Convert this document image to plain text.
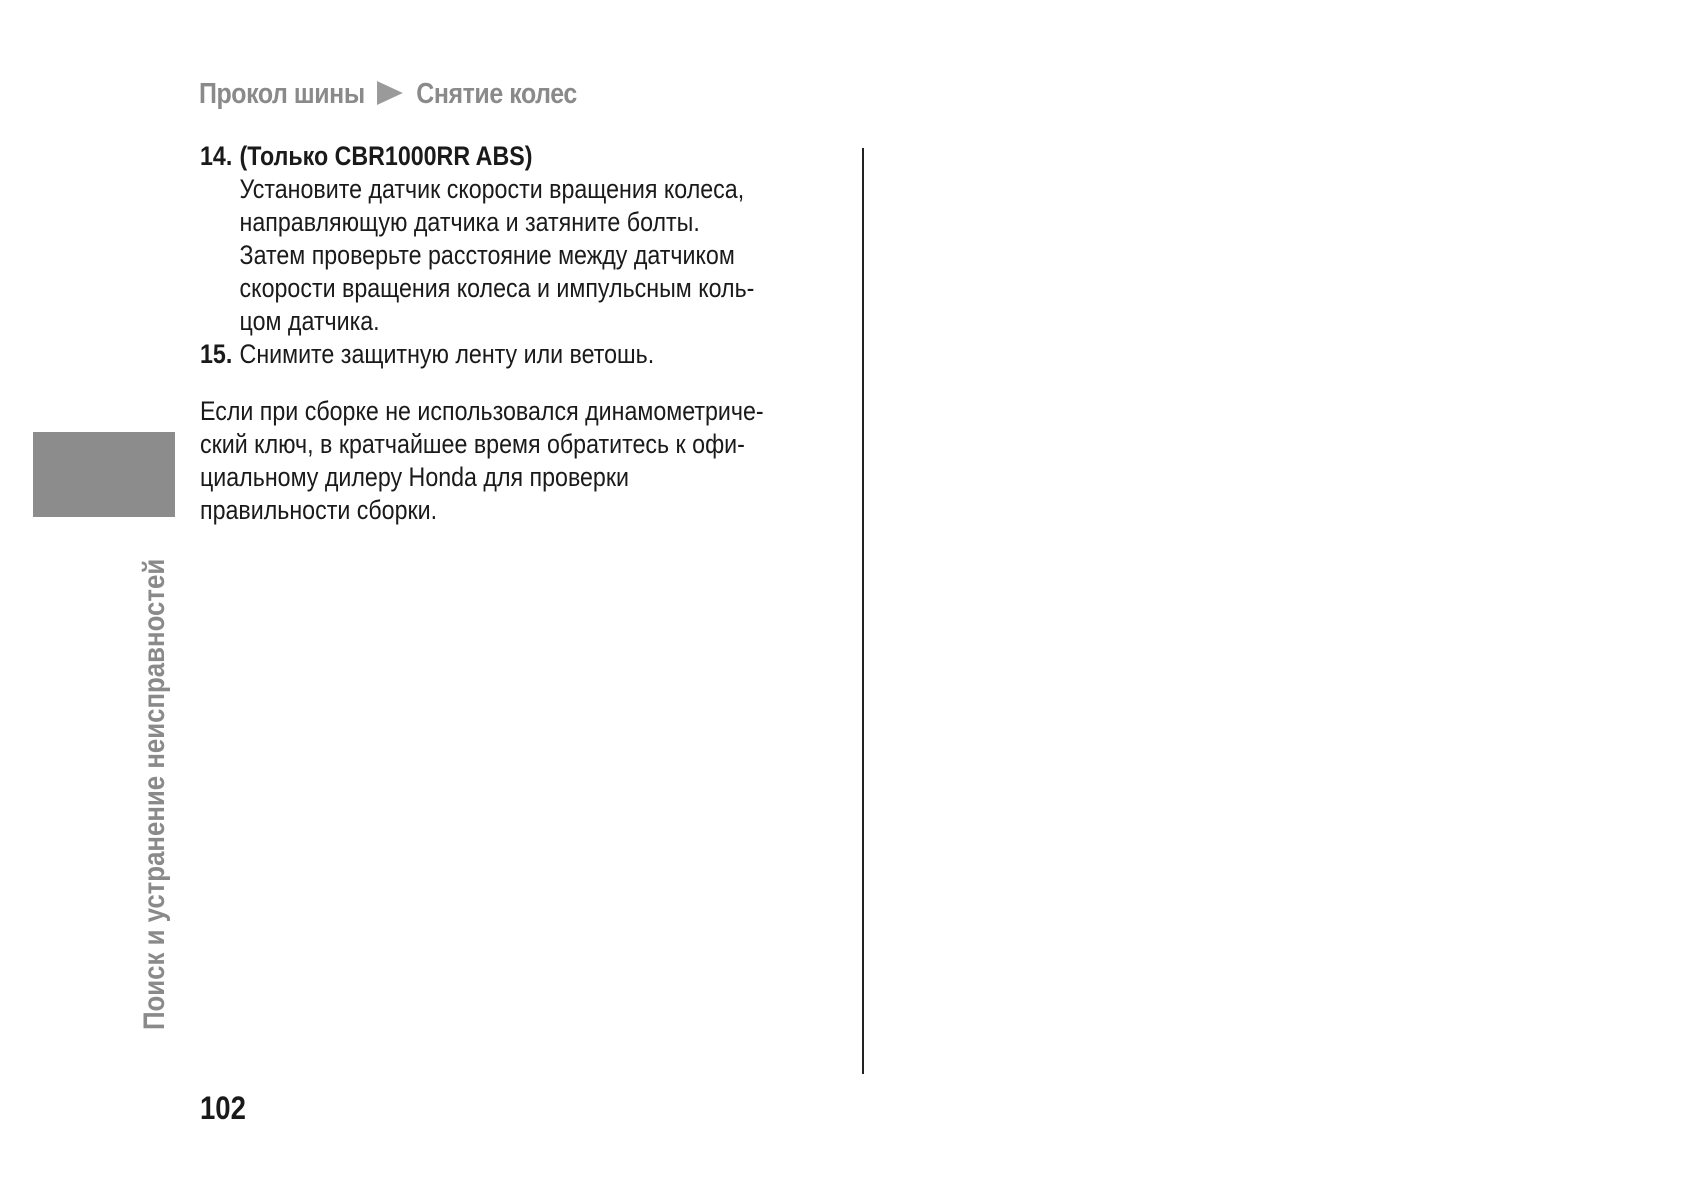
Прокол шины Снятие колес
14. (Только CBR1000RR ABS)

Установите датчик скорости вращения колеса,

направляющую датчика и затяните болты.

Затем проверьте расстояние между датчиком

скорости вращения колеса и импульсным коль-

цом датчика.

15. Снимите защитную ленту или ветошь.

Если при сборке не использовался динамометриче-

ский ключ, в кратчайшее время обратитесь к офи-

циальному дилеру Honda для проверки

правильности сборки.

Поиск и устранение неисправностей
102
